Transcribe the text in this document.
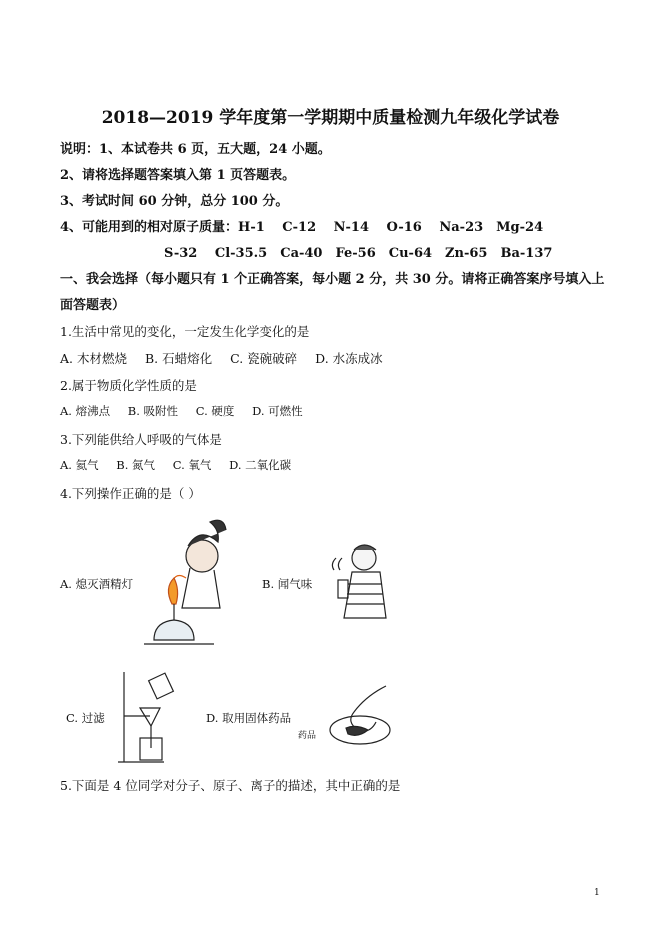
2018—2019 学年度第一学期期中质量检测九年级化学试卷
说明：1、本试卷共 6 页，五大题，24 小题。
2、请将选择题答案填入第 1 页答题表。
3、考试时间 60 分钟，总分 100 分。
4、可能用到的相对原子质量：H-1　 C-12　 N-14　 O-16　 Na-23　Mg-24
S-32　 Cl-35.5　Ca-40　Fe-56　Cu-64　Zn-65　Ba-137
一、我会选择（每小题只有 1 个正确答案，每小题 2 分，共 30 分。请将正确答案序号填入上
面答题表）
1.生活中常见的变化，一定发生化学变化的是
A. 木材燃烧 B. 石蜡熔化 C. 瓷碗破碎 D. 水冻成冰
2.属于物质化学性质的是
A. 熔沸点 B. 吸附性 C. 硬度 D. 可燃性
3.下列能供给人呼吸的气体是
A. 氦气 B. 氮气 C. 氧气 D. 二氧化碳
4.下列操作正确的是（ ）
A. 熄灭酒精灯	B. 闻气味
C. 过滤	D. 取用固体药品
药品
5.下面是 4 位同学对分子、原子、离子的描述，其中正确的是
1
